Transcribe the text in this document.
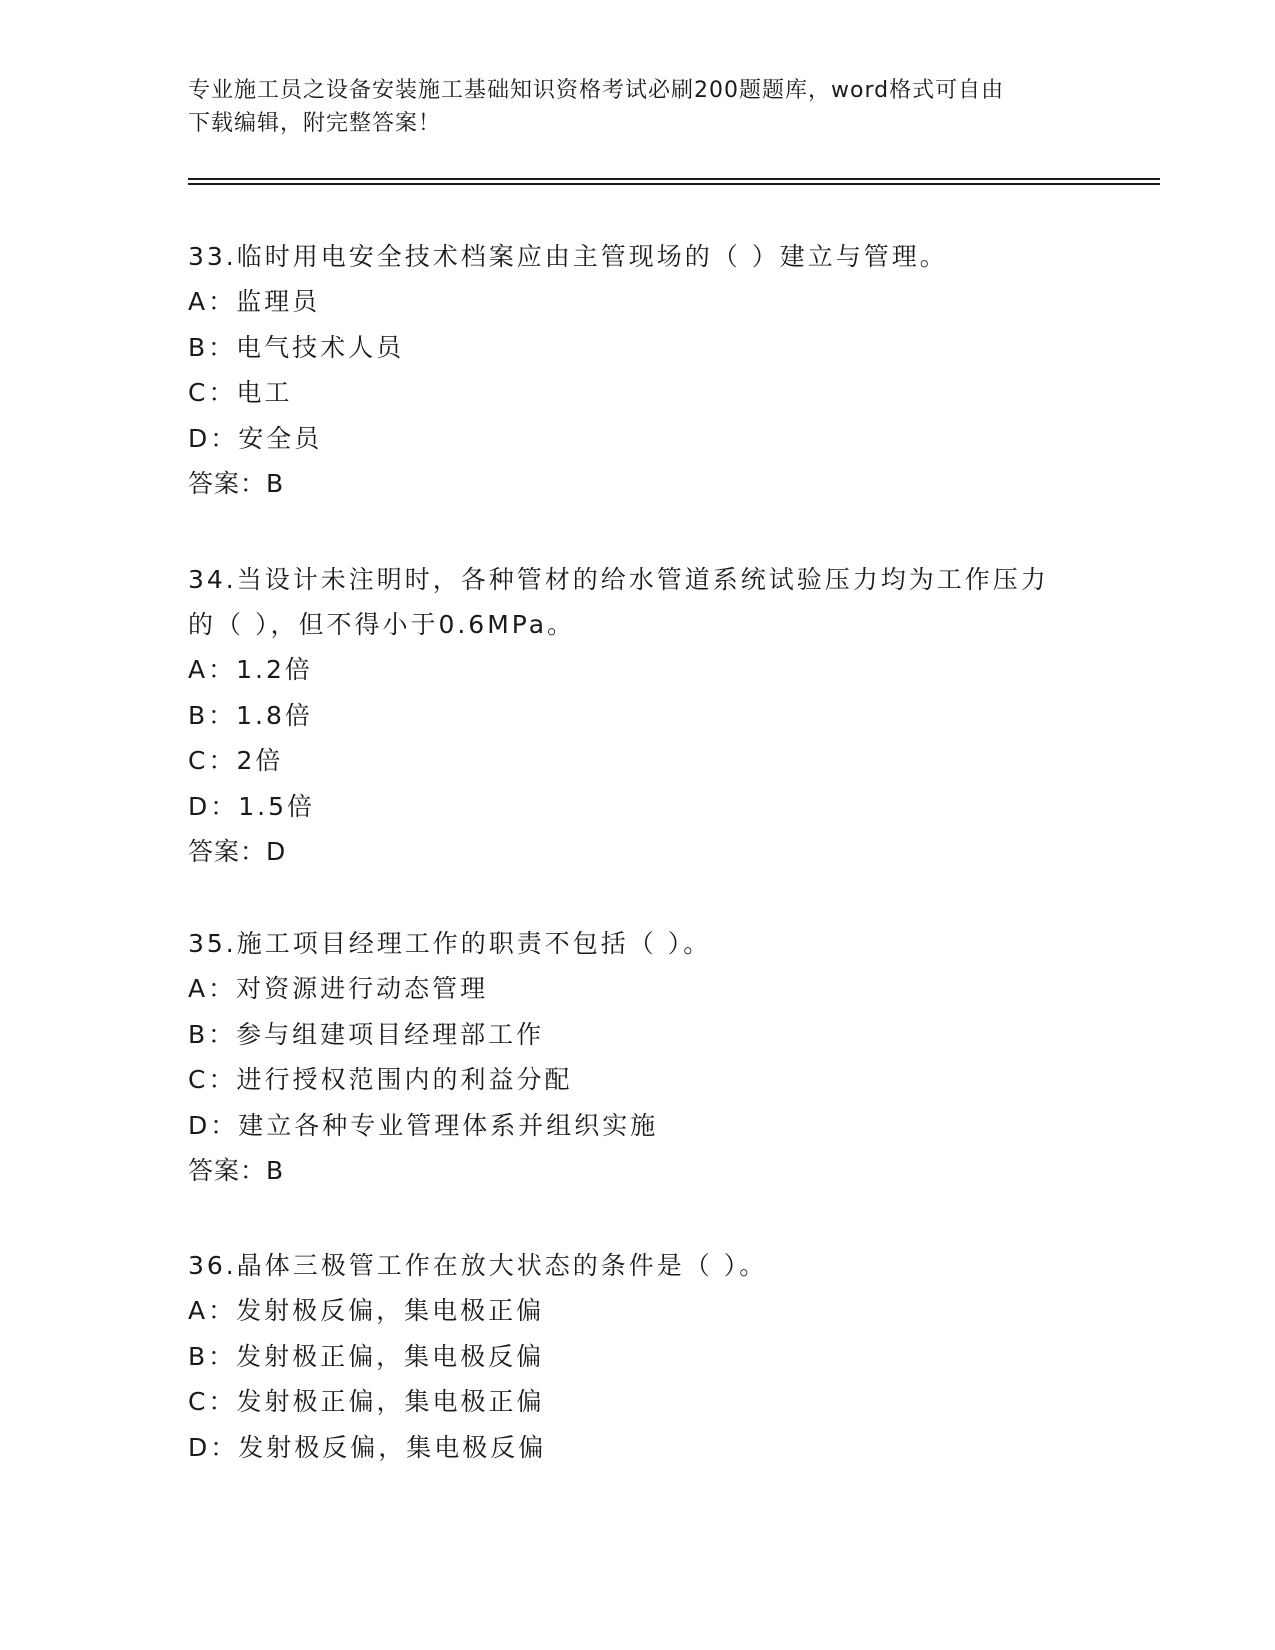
专业施工员之设备安装施工基础知识资格考试必刷200题题库，word格式可自由
下载编辑，附完整答案！

33.临时用电安全技术档案应由主管现场的（ ）建立与管理。

A：监理员

B：电气技术人员

C：电工

D：安全员

答案：B

34.当设计未注明时，各种管材的给水管道系统试验压力均为工作压力

的（ ），但不得小于0.6MPa。

A：1.2倍

B：1.8倍

C：2倍

D：1.5倍

答案：D

35.施工项目经理工作的职责不包括（ ）。

A：对资源进行动态管理

B：参与组建项目经理部工作

C：进行授权范围内的利益分配

D：建立各种专业管理体系并组织实施

答案：B

36.晶体三极管工作在放大状态的条件是（ ）。

A：发射极反偏，集电极正偏

B：发射极正偏，集电极反偏

C：发射极正偏，集电极正偏

D：发射极反偏，集电极反偏
